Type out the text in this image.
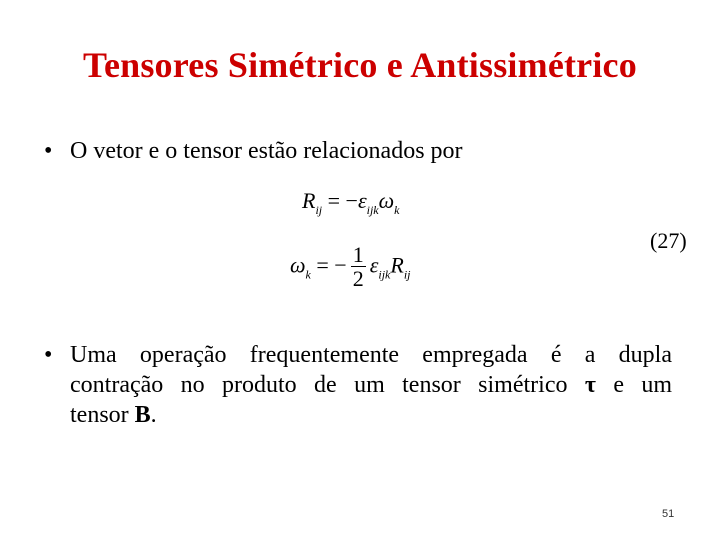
Tensores Simétrico e Antissimétrico
• O vetor e o tensor estão relacionados por
$R_{ij} = -\varepsilon_{ijk}\omega_k$
(27)
$\omega_k$ = − $\frac{1}{2} \varepsilon_{ijk}R_{ij}$
• Uma operação frequentemente empregada é a dupla
contração no produto de um tensor simétrico τ e um
tensor B.
51
